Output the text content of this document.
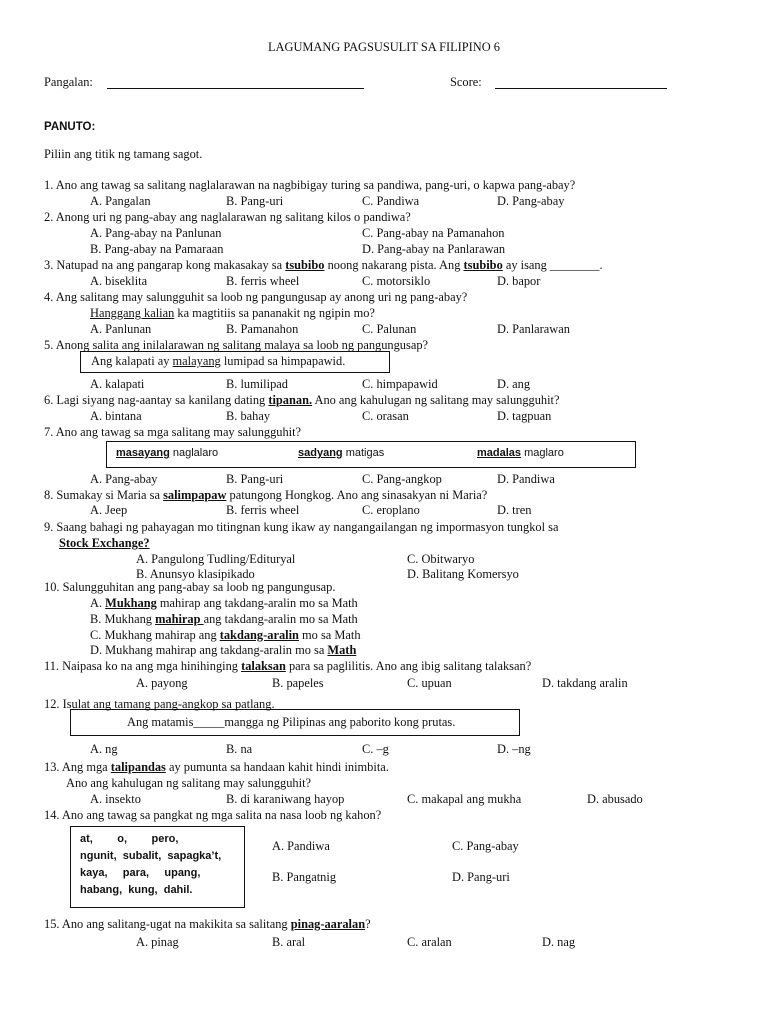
LAGUMANG PAGSUSULIT SA FILIPINO 6
Pangalan:	Score:
PANUTO:
Piliin ang titik ng tamang sagot.
1. Ano ang tawag sa salitang naglalarawan na nagbibigay turing sa pandiwa, pang-uri, o kapwa pang-abay?
A. Pangalan	B. Pang-uri	C. Pandiwa	D. Pang-abay
2. Anong uri ng pang-abay ang naglalarawan ng salitang kilos o pandiwa?
A. Pang-abay na Panlunan	C. Pang-abay na Pamanahon
B. Pang-abay na Pamaraan	D. Pang-abay na Panlarawan
3. Natupad na ang pangarap kong makasakay sa tsubibo noong nakarang pista. Ang tsubibo ay isang ________.
A. biseklita	B. ferris wheel	C. motorsiklo	D. bapor
4. Ang salitang may salungguhit sa loob ng pangungusap ay anong uri ng pang-abay?
Hanggang kalian ka magtitiis sa pananakit ng ngipin mo?
A. Panlunan	B. Pamanahon	C. Palunan	D. Panlarawan
5. Anong salita ang inilalarawan ng salitang malaya sa loob ng pangungusap?
Ang kalapati ay malayang lumipad sa himpapawid.
A. kalapati	B. lumilipad	C. himpapawid	D. ang
6. Lagi siyang nag-aantay sa kanilang dating tipanan. Ano ang kahulugan ng salitang may salungguhit?
A. bintana	B. bahay	C. orasan	D. tagpuan
7. Ano ang tawag sa mga salitang may salungguhit?
masayang naglalaro	sadyang matigas	madalas maglaro
A. Pang-abay	B. Pang-uri	C. Pang-angkop	D. Pandiwa
8. Sumakay si Maria sa salimpapaw patungong Hongkog. Ano ang sinasakyan ni Maria?
A. Jeep	B. ferris wheel	C. eroplano	D. tren
9. Saang bahagi ng pahayagan mo titingnan kung ikaw ay nangangailangan ng impormasyon tungkol sa
Stock Exchange?
A. Pangulong Tudling/Edituryal	C. Obitwaryo
B. Anunsyo klasipikado	D. Balitang Komersyo
10. Salungguhitan ang pang-abay sa loob ng pangungusap.
A. Mukhang mahirap ang takdang-aralin mo sa Math
B. Mukhang mahirap ang takdang-aralin mo sa Math
C. Mukhang mahirap ang takdang-aralin mo sa Math
D. Mukhang mahirap ang takdang-aralin mo sa Math
11. Naipasa ko na ang mga hinihinging talaksan para sa paglilitis. Ano ang ibig salitang talaksan?
A. payong	B. papeles	C. upuan	D. takdang aralin
12. Isulat ang tamang pang-angkop sa patlang.
Ang matamis_____mangga ng Pilipinas ang paborito kong prutas.
A. ng	B. na	C. –g	D. –ng
13. Ang mga talipandas ay pumunta sa handaan kahit hindi inimbita.
Ano ang kahulugan ng salitang may salungguhit?
A. insekto	B. di karaniwang hayop	C. makapal ang mukha	D. abusado
14. Ano ang tawag sa pangkat ng mga salita na nasa loob ng kahon?
at,        o,        pero,
ngunit,  subalit,  sapagka’t,
kaya,     para,     upang,
habang,  kung,  dahil.
A. Pandiwa	C. Pang-abay
B. Pangatnig	D. Pang-uri
15. Ano ang salitang-ugat na makikita sa salitang pinag-aaralan?
A. pinag	B. aral	C. aralan	D. nag
